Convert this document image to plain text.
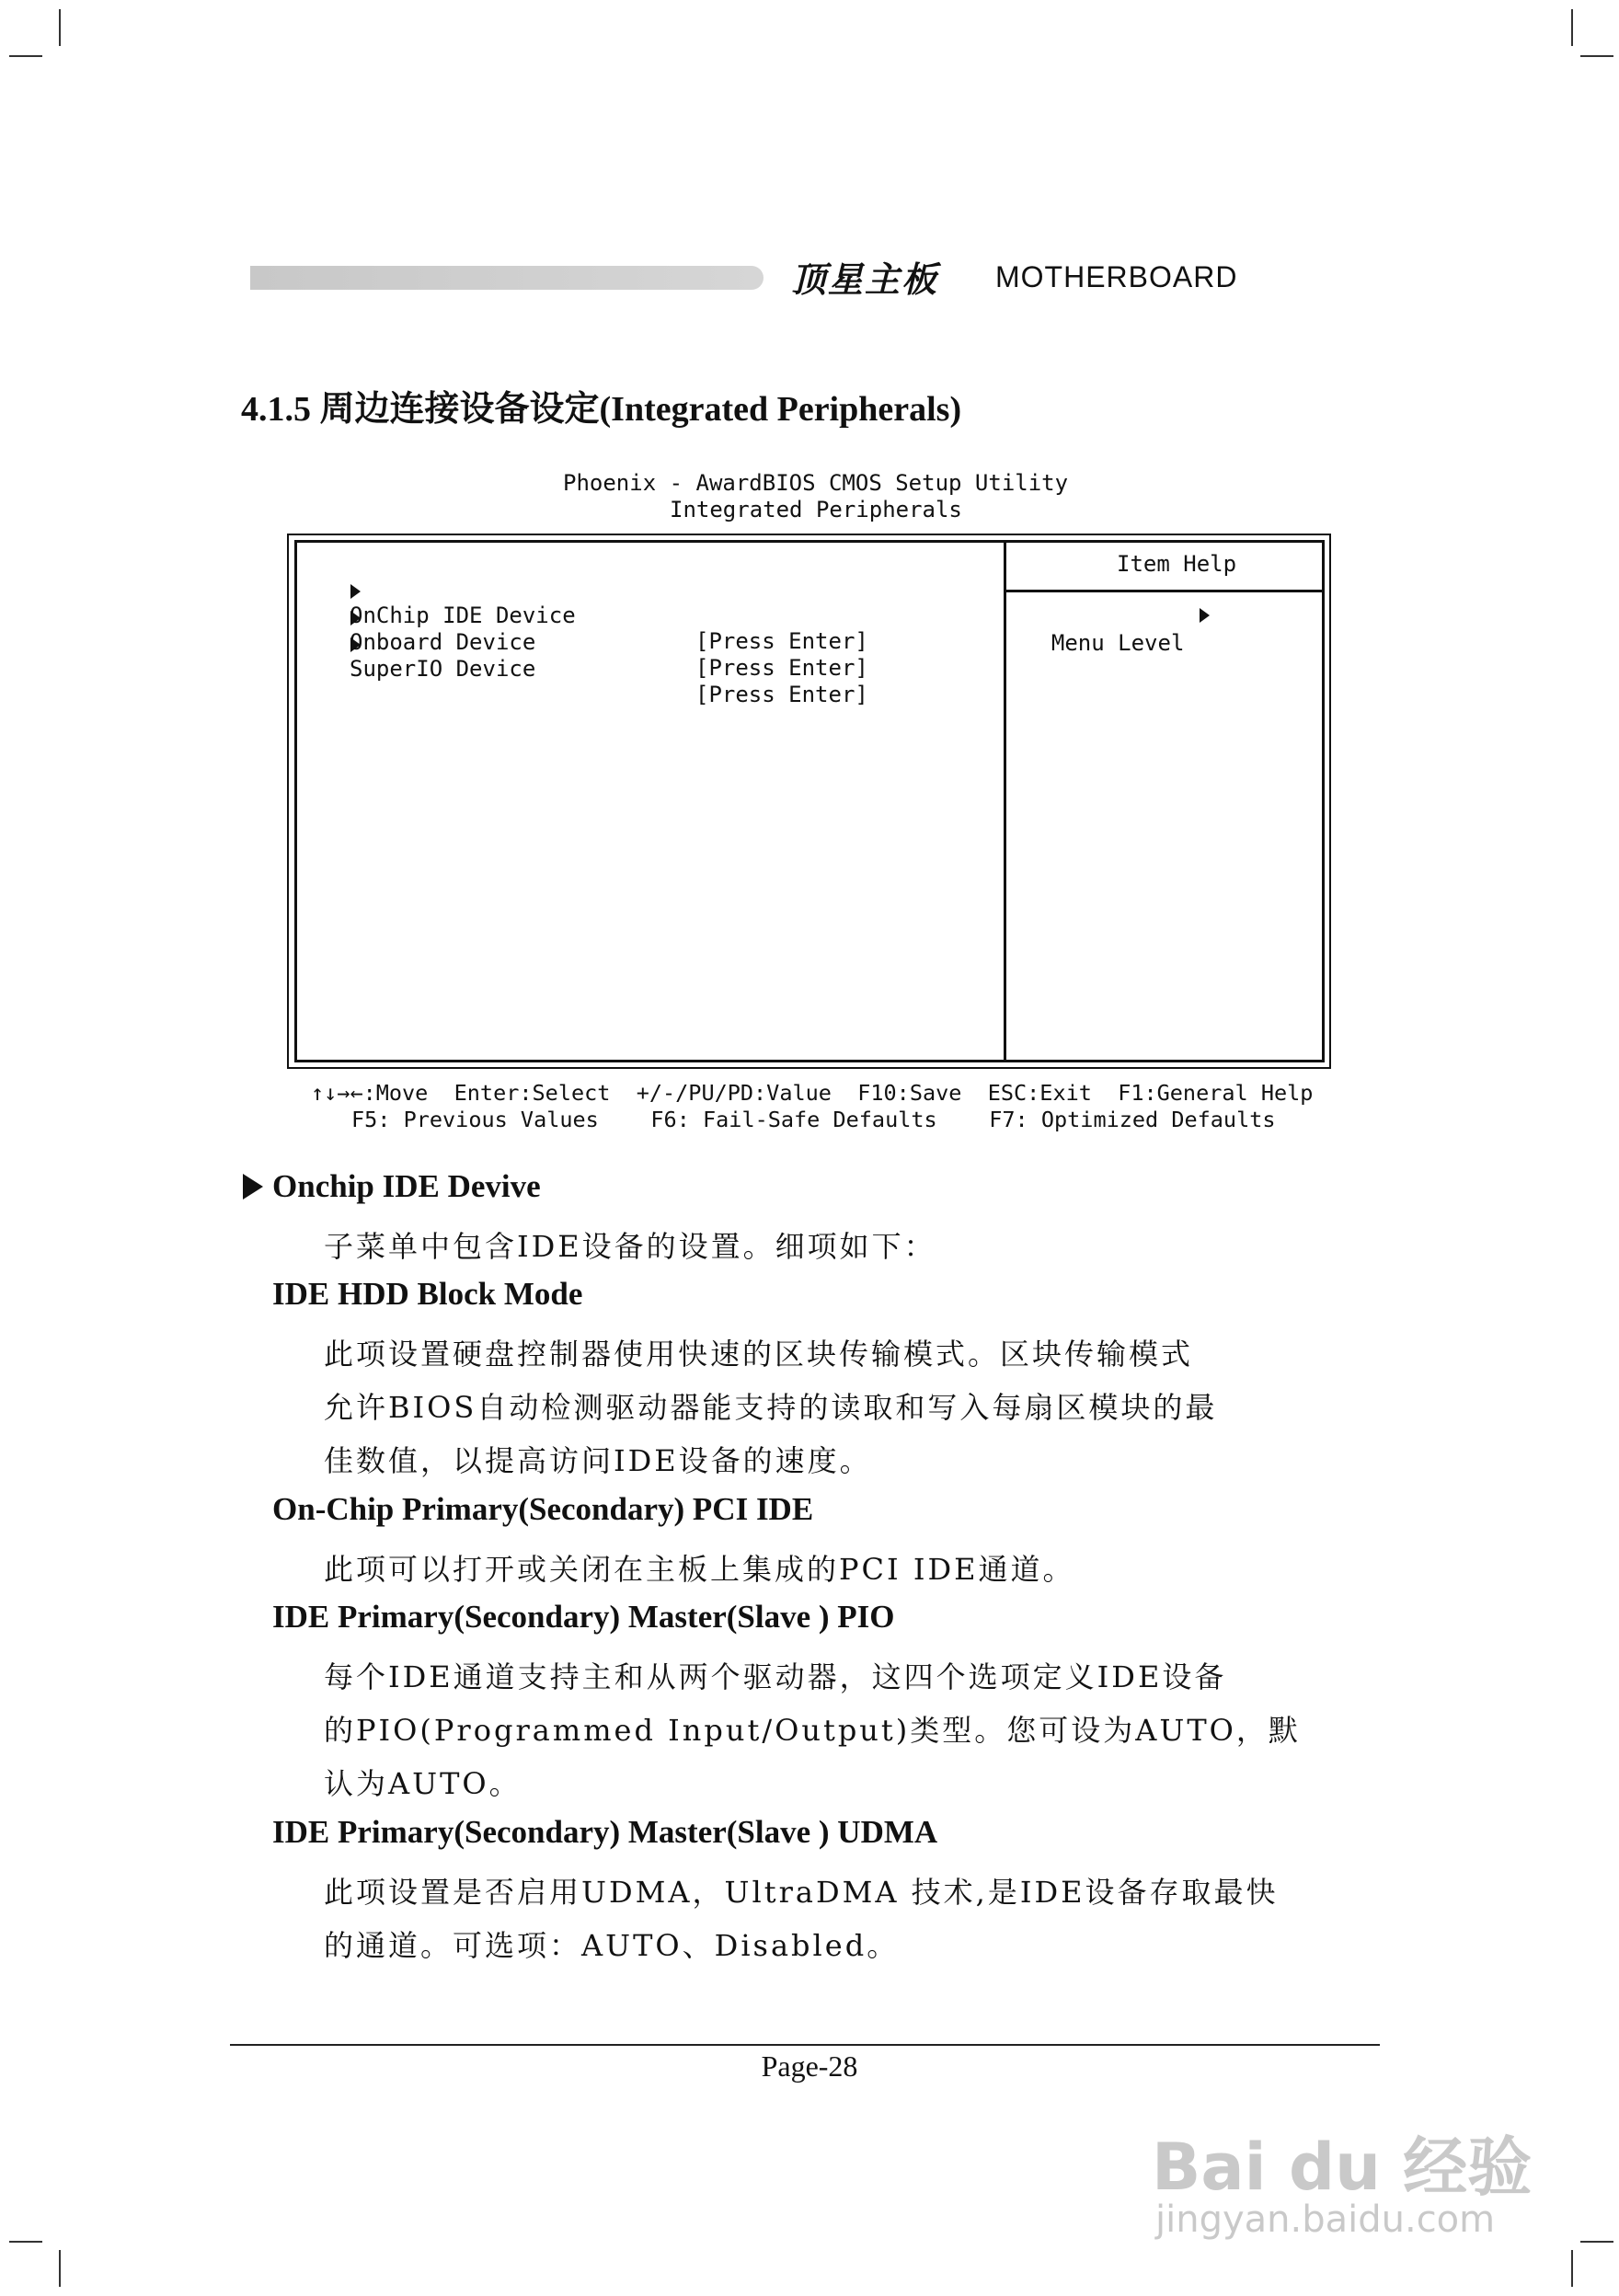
顶星主板 MOTHERBOARD
4.1.5 周边连接设备设定(Integrated Peripherals)
Phoenix - AwardBIOS CMOS Setup Utility
Integrated Peripherals

OnChip IDE Device

[Press Enter]

Onboard Device

[Press Enter]

SuperIO Device

[Press Enter]

Item Help

Menu Level

↑↓→←:Move  Enter:Select  +/-/PU/PD:Value  F10:Save  ESC:Exit  F1:General Help
F5: Previous Values    F6: Fail-Safe Defaults    F7: Optimized Defaults
Onchip IDE Devive
子菜单中包含IDE设备的设置。细项如下：
IDE HDD Block Mode
此项设置硬盘控制器使用快速的区块传输模式。区块传输模式
允许BIOS自动检测驱动器能支持的读取和写入每扇区模块的最
佳数值，以提高访问IDE设备的速度。
On-Chip Primary(Secondary) PCI IDE
此项可以打开或关闭在主板上集成的PCI IDE通道。
IDE Primary(Secondary) Master(Slave ) PIO
每个IDE通道支持主和从两个驱动器，这四个选项定义IDE设备
的PIO(Programmed Input/Output)类型。您可设为AUTO，默
认为AUTO。
IDE Primary(Secondary) Master(Slave ) UDMA
此项设置是否启用UDMA，UltraDMA 技术,是IDE设备存取最快
的通道。可选项：AUTO、Disabled。
Page-28
Bai du 经验
jingyan.baidu.com
